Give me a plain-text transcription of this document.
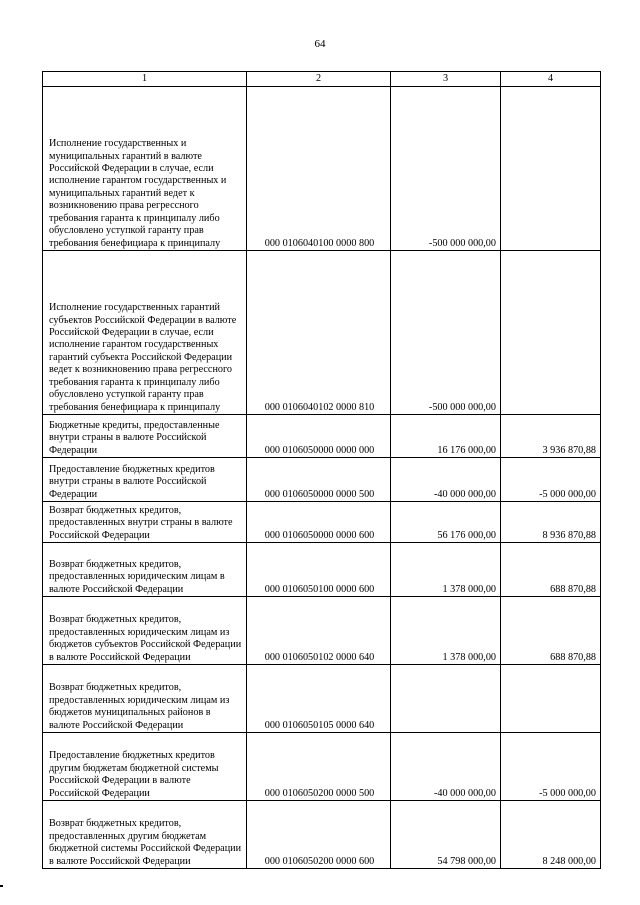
64
1	2	3	4
Исполнение государственных и муниципальных гарантий в валюте Российской Федерации в случае, если исполнение гарантом государственных и муниципальных гарантий ведет к возникновению права регрессного требования гаранта к принципалу либо обусловлено уступкой гаранту прав требования бенефициара к принципалу	000 0106040100 0000 800	-500 000 000,00	
Исполнение государственных гарантий субъектов Российской Федерации в валюте Российской Федерации в случае, если исполнение гарантом государственных гарантий субъекта Российской Федерации ведет к возникновению права регрессного требования гаранта к принципалу либо обусловлено уступкой гаранту прав требования бенефициара к принципалу	000 0106040102 0000 810	-500 000 000,00	
Бюджетные кредиты, предоставленные внутри страны в валюте Российской Федерации	000 0106050000 0000 000	16 176 000,00	3 936 870,88
Предоставление бюджетных кредитов внутри страны в валюте Российской Федерации	000 0106050000 0000 500	-40 000 000,00	-5 000 000,00
Возврат бюджетных кредитов, предоставленных внутри страны в валюте Российской Федерации	000 0106050000 0000 600	56 176 000,00	8 936 870,88
Возврат бюджетных кредитов, предоставленных юридическим лицам в валюте Российской Федерации	000 0106050100 0000 600	1 378 000,00	688 870,88
Возврат бюджетных кредитов, предоставленных юридическим лицам из бюджетов субъектов Российской Федерации в валюте Российской Федерации	000 0106050102 0000 640	1 378 000,00	688 870,88
Возврат бюджетных кредитов, предоставленных юридическим лицам из бюджетов муниципальных районов в валюте Российской Федерации	000 0106050105 0000 640		
Предоставление бюджетных кредитов другим бюджетам бюджетной системы Российской Федерации в валюте Российской Федерации	000 0106050200 0000 500	-40 000 000,00	-5 000 000,00
Возврат бюджетных кредитов, предоставленных другим бюджетам бюджетной системы Российской Федерации в валюте Российской Федерации	000 0106050200 0000 600	54 798 000,00	8 248 000,00
